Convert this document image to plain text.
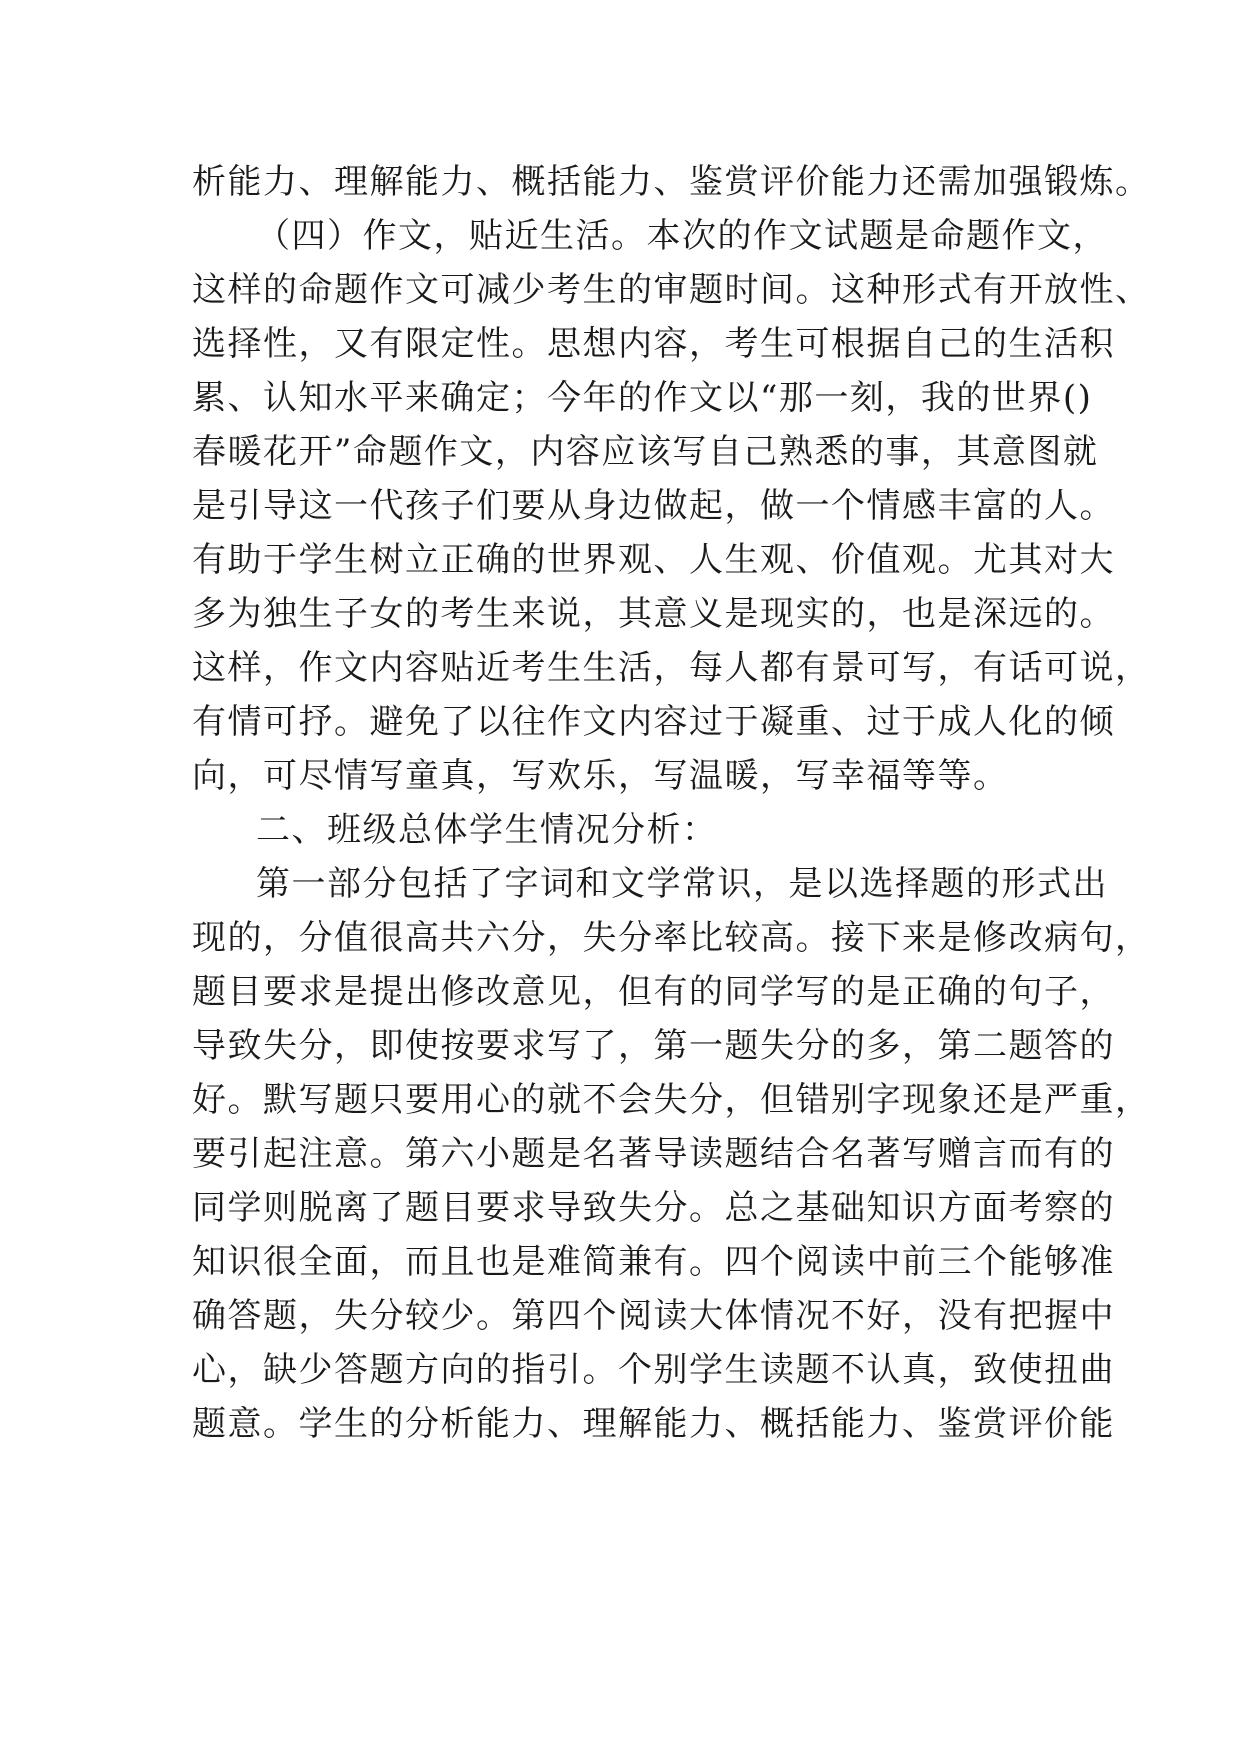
析能力、理解能力、概括能力、鉴赏评价能力还需加强锻炼。
（四）作文，贴近生活。本次的作文试题是命题作文，
这样的命题作文可减少考生的审题时间。这种形式有开放性、
选择性，又有限定性。思想内容，考生可根据自己的生活积
累、认知水平来确定；今年的作文以“那一刻，我的世界()
春暖花开”命题作文，内容应该写自己熟悉的事，其意图就
是引导这一代孩子们要从身边做起，做一个情感丰富的人。
有助于学生树立正确的世界观、人生观、价值观。尤其对大
多为独生子女的考生来说，其意义是现实的，也是深远的。
这样，作文内容贴近考生生活，每人都有景可写，有话可说，
有情可抒。避免了以往作文内容过于凝重、过于成人化的倾
向，可尽情写童真，写欢乐，写温暖，写幸福等等。
二、班级总体学生情况分析：
第一部分包括了字词和文学常识，是以选择题的形式出
现的，分值很高共六分，失分率比较高。接下来是修改病句，
题目要求是提出修改意见，但有的同学写的是正确的句子，
导致失分，即使按要求写了，第一题失分的多，第二题答的
好。默写题只要用心的就不会失分，但错别字现象还是严重，
要引起注意。第六小题是名著导读题结合名著写赠言而有的
同学则脱离了题目要求导致失分。总之基础知识方面考察的
知识很全面，而且也是难简兼有。四个阅读中前三个能够准
确答题，失分较少。第四个阅读大体情况不好，没有把握中
心，缺少答题方向的指引。个别学生读题不认真，致使扭曲
题意。学生的分析能力、理解能力、概括能力、鉴赏评价能
